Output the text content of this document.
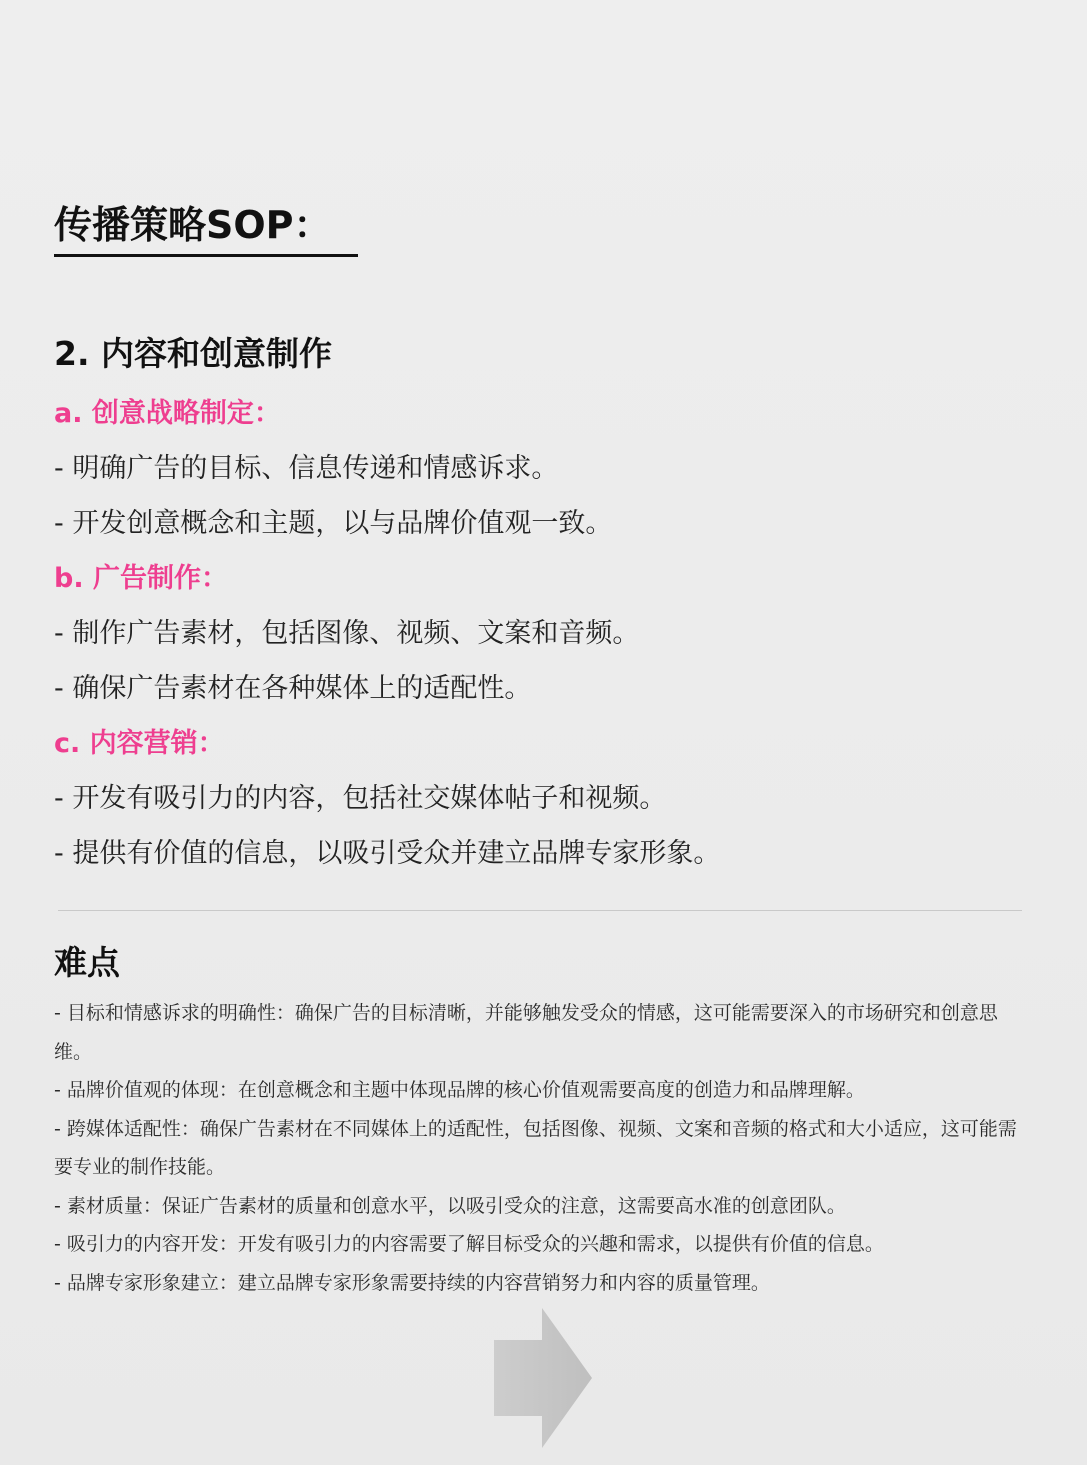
传播策略SOP：
2. 内容和创意制作
a. 创意战略制定：
- 明确广告的目标、信息传递和情感诉求。
- 开发创意概念和主题，以与品牌价值观一致。
b. 广告制作：
- 制作广告素材，包括图像、视频、文案和音频。
- 确保广告素材在各种媒体上的适配性。
c. 内容营销：
- 开发有吸引力的内容，包括社交媒体帖子和视频。
- 提供有价值的信息，以吸引受众并建立品牌专家形象。
难点
- 目标和情感诉求的明确性：确保广告的目标清晰，并能够触发受众的情感，这可能需要深入的市场研究和创意思维。
- 品牌价值观的体现：在创意概念和主题中体现品牌的核心价值观需要高度的创造力和品牌理解。
- 跨媒体适配性：确保广告素材在不同媒体上的适配性，包括图像、视频、文案和音频的格式和大小适应，这可能需要专业的制作技能。
- 素材质量：保证广告素材的质量和创意水平，以吸引受众的注意，这需要高水准的创意团队。
- 吸引力的内容开发：开发有吸引力的内容需要了解目标受众的兴趣和需求，以提供有价值的信息。
- 品牌专家形象建立：建立品牌专家形象需要持续的内容营销努力和内容的质量管理。
